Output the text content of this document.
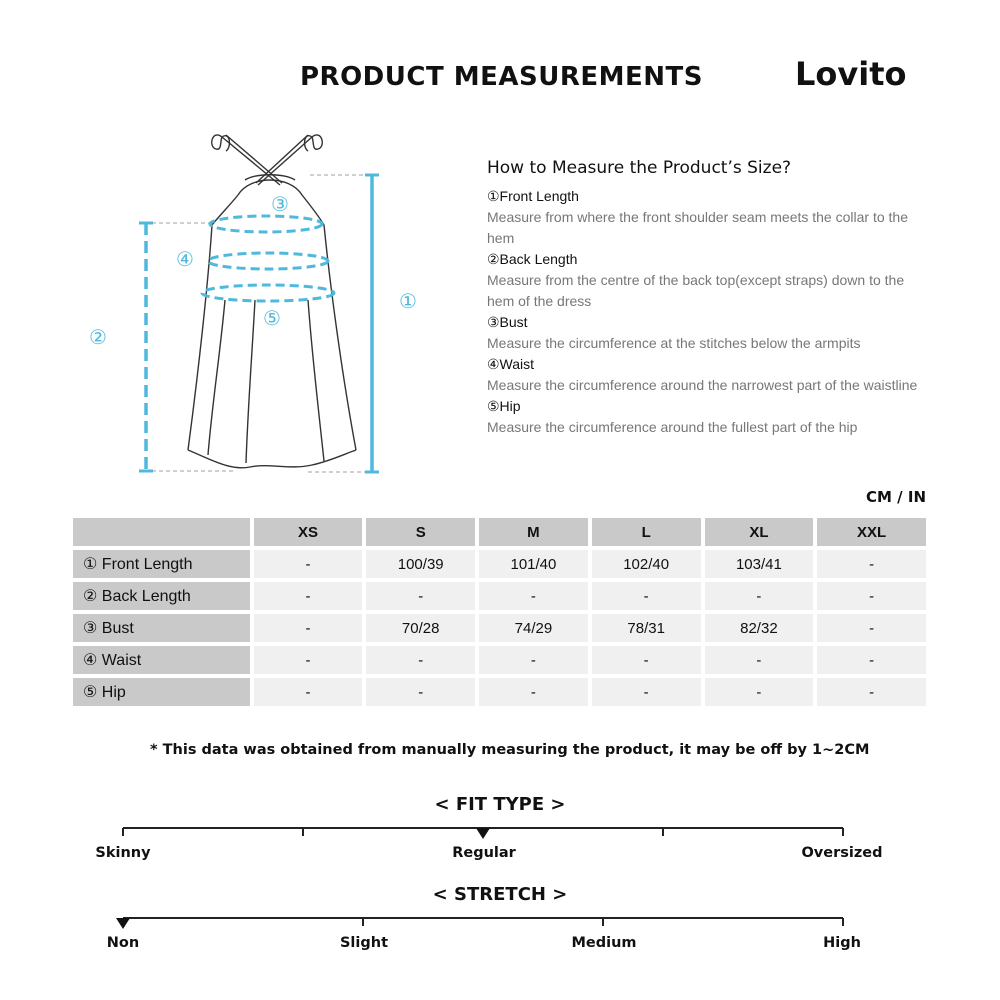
PRODUCT MEASUREMENTS	Lovito
①
②
③
④
⑤
How to Measure the Product’s Size?
①Front Length
Measure from where the front shoulder seam meets the collar to the hem
②Back Length
Measure from the centre of the back top(except straps) down to the hem of the dress
③Bust
Measure the circumference at the stitches below the armpits
④Waist
Measure the circumference around the narrowest part of the waistline
⑤Hip
Measure the circumference around the fullest part of the hip
CM / IN
XS	S	M	L	XL	XXL
① Front Length	-	100/39	101/40	102/40	103/41	-
② Back Length	-	-	-	-	-	-
③ Bust	-	70/28	74/29	78/31	82/32	-
④ Waist	-	-	-	-	-	-
⑤ Hip	-	-	-	-	-	-
* This data was obtained from manually measuring the product, it may be off by 1~2CM
< FIT TYPE >
Skinny	Regular	Oversized
< STRETCH >
Non	Slight	Medium	High
